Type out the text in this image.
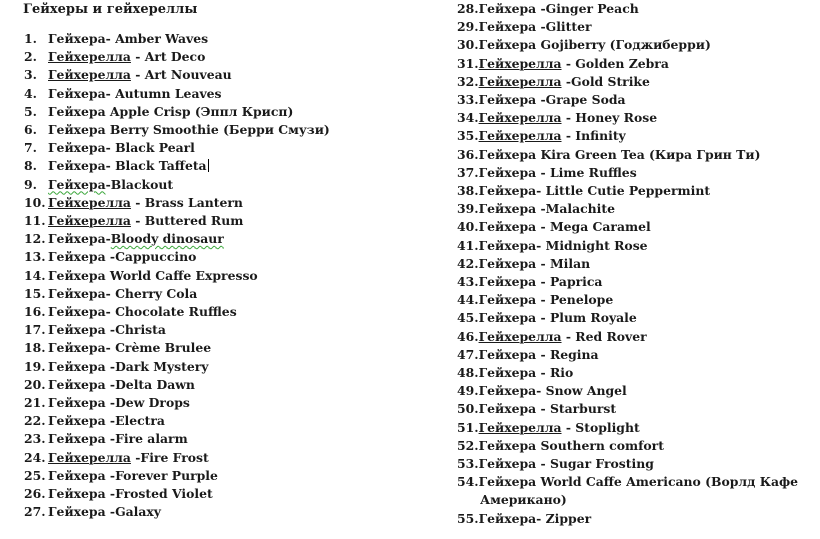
Гейхеры и гейхереллы
1. Гейхера- Amber Waves
2. Гейхерелла - Art Deco
3. Гейхерелла - Art Nouveau
4. Гейхера- Autumn Leaves
5. Гейхера Apple Crisp (Эппл Крисп)
6. Гейхера Berry Smoothie (Берри Смузи)
7. Гейхера- Black Pearl
8. Гейхера- Black Taffeta
9. Гейхера-Blackout
10. Гейхерелла - Brass Lantern
11. Гейхерелла - Buttered Rum
12. Гейхера-Bloody dinosaur
13. Гейхера -Cappuccino
14. Гейхера World Caffe Expresso
15. Гейхера- Cherry Cola
16. Гейхера- Chocolate Ruffles
17. Гейхера -Christa
18. Гейхера- Crème Brulee
19. Гейхера -Dark Mystery
20. Гейхера -Delta Dawn
21. Гейхера -Dew Drops
22. Гейхера -Electra
23. Гейхера -Fire alarm
24. Гейхерелла -Fire Frost
25. Гейхера -Forever Purple
26. Гейхера -Frosted Violet
27. Гейхера -Galaxy
28.Гейхера -Ginger Peach
29.Гейхера -Glitter
30.Гейхера Gojiberry (Годжиберри)
31.Гейхерелла - Golden Zebra
32.Гейхерелла -Gold Strike
33.Гейхера -Grape Soda
34.Гейхерелла - Honey Rose
35.Гейхерелла - Infinity
36.Гейхера Kira Green Tea (Кира Грин Ти)
37.Гейхера - Lime Ruffles
38.Гейхера- Little Cutie Peppermint
39.Гейхера -Malachite
40.Гейхера - Mega Caramel
41.Гейхера- Midnight Rose
42.Гейхера - Milan
43.Гейхера - Paprica
44.Гейхера - Penelope
45.Гейхера - Plum Royale
46.Гейхерелла - Red Rover
47.Гейхера - Regina
48.Гейхера - Rio
49.Гейхера- Snow Angel
50.Гейхера - Starburst
51.Гейхерелла - Stoplight
52.Гейхера Southern comfort
53.Гейхера - Sugar Frosting
54.Гейхера World Caffe Americano (Ворлд Кафе Американо)
55.Гейхера- Zipper
